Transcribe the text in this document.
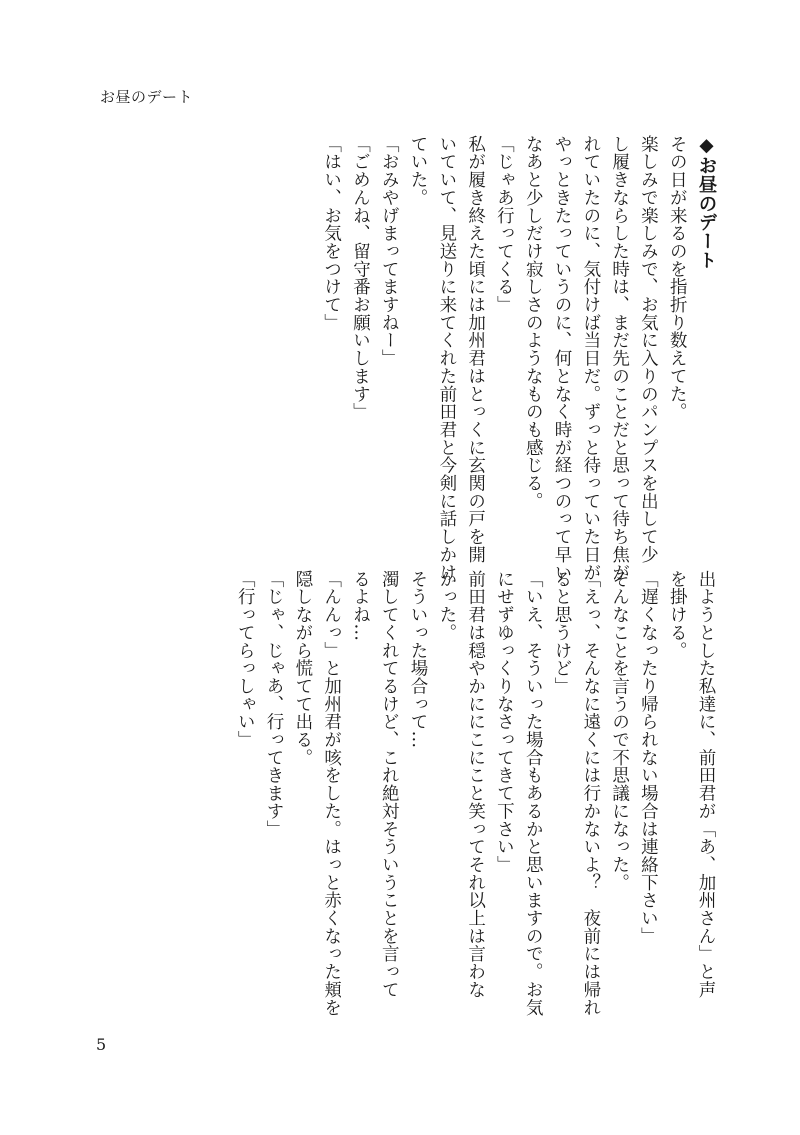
お昼のデート
◆お昼のデート
その日が来るのを指折り数えてた。
楽しみで楽しみで、お気に入りのパンプスを出して少
し履きならした時は、まだ先のことだと思って待ち焦が
れていたのに、気付けば当日だ。ずっと待っていた日が
やっときたっていうのに、何となく時が経つのって早い
なあと少しだけ寂しさのようなものも感じる。
「じゃあ行ってくる」
私が履き終えた頃には加州君はとっくに玄関の戸を開
いていて、見送りに来てくれた前田君と今剣に話しかけ
ていた。
「おみやげまってますねー」
「ごめんね、留守番お願いします」
「はい、お気をつけて」
出ようとした私達に、前田君が「あ、加州さん」と声
を掛ける。
「遅くなったり帰られない場合は連絡下さい」
そんなことを言うので不思議になった。
「えっ、そんなに遠くには行かないよ？　夜前には帰れ
ると思うけど」
「いえ、そういった場合もあるかと思いますので。お気
にせずゆっくりなさってきて下さい」
前田君は穏やかににこにこと笑ってそれ以上は言わな
かった。
そういった場合って…
濁してくれてるけど、これ絶対そういうことを言って
るよね…
「んんっ」と加州君が咳をした。はっと赤くなった頬を
隠しながら慌てて出る。
「じゃ、じゃあ、行ってきます」
「行ってらっしゃい」
5
